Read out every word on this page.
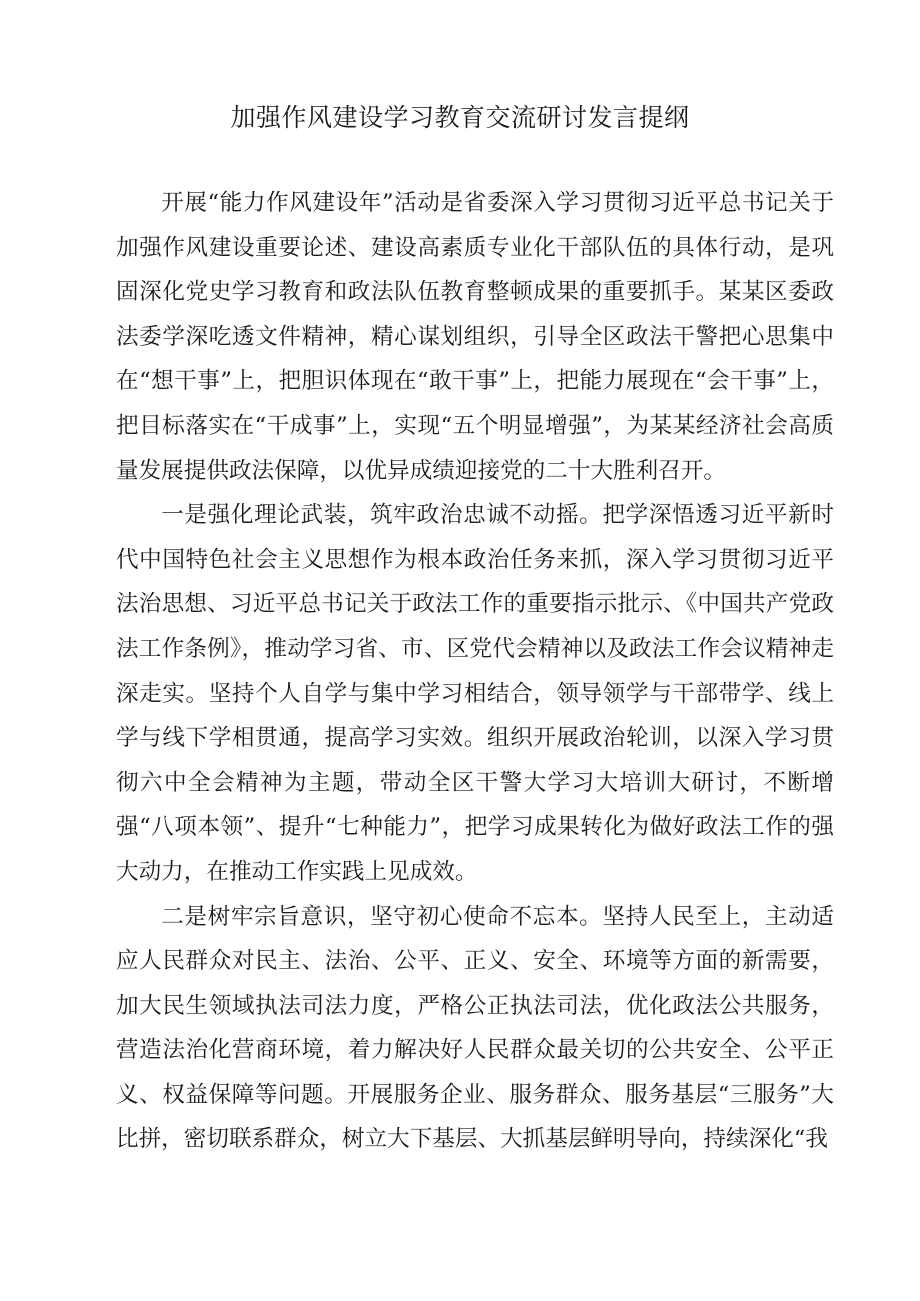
加强作风建设学习教育交流研讨发言提纲

开展“能力作风建设年”活动是省委深入学习贯彻习近平总书记关于加强作风建设重要论述、建设高素质专业化干部队伍的具体行动，是巩固深化党史学习教育和政法队伍教育整顿成果的重要抓手。某某区委政法委学深吃透文件精神，精心谋划组织，引导全区政法干警把心思集中在“想干事”上，把胆识体现在“敢干事”上，把能力展现在“会干事”上，把目标落实在“干成事”上，实现“五个明显增强”，为某某经济社会高质量发展提供政法保障，以优异成绩迎接党的二十大胜利召开。

一是强化理论武装，筑牢政治忠诚不动摇。把学深悟透习近平新时代中国特色社会主义思想作为根本政治任务来抓，深入学习贯彻习近平法治思想、习近平总书记关于政法工作的重要指示批示、《中国共产党政法工作条例》，推动学习省、市、区党代会精神以及政法工作会议精神走深走实。坚持个人自学与集中学习相结合，领导领学与干部带学、线上学与线下学相贯通，提高学习实效。组织开展政治轮训，以深入学习贯彻六中全会精神为主题，带动全区干警大学习大培训大研讨，不断增强“八项本领”、提升“七种能力”，把学习成果转化为做好政法工作的强大动力，在推动工作实践上见成效。

二是树牢宗旨意识，坚守初心使命不忘本。坚持人民至上，主动适应人民群众对民主、法治、公平、正义、安全、环境等方面的新需要，加大民生领域执法司法力度，严格公正执法司法，优化政法公共服务，营造法治化营商环境，着力解决好人民群众最关切的公共安全、公平正义、权益保障等问题。开展服务企业、服务群众、服务基层“三服务”大比拼，密切联系群众，树立大下基层、大抓基层鲜明导向，持续深化“我
